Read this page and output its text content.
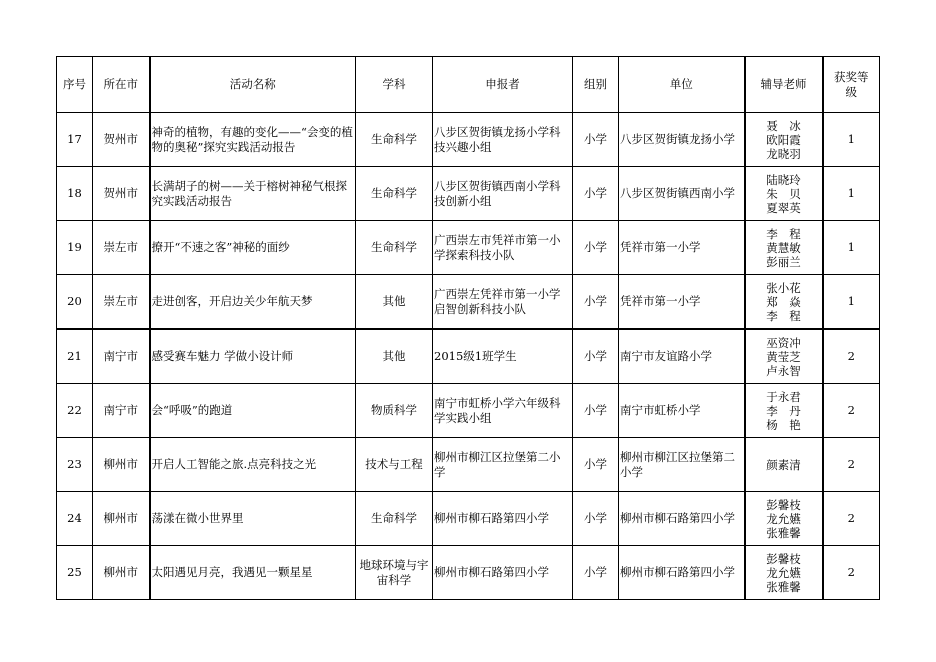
序号	所在市	活动名称	学科	申报者	组别	单位	辅导老师	获奖等级
17	贺州市	神奇的植物，有趣的变化——“会变的植物的奥秘”探究实践活动报告	生命科学	八步区贺街镇龙扬小学科技兴趣小组	小学	八步区贺街镇龙扬小学	聂　冰
欧阳霞
龙晓羽	1
18	贺州市	长满胡子的树——关于榕树神秘气根探究实践活动报告	生命科学	八步区贺街镇西南小学科技创新小组	小学	八步区贺街镇西南小学	陆晓玲
朱　贝
夏翠英	1
19	崇左市	撩开“不速之客”神秘的面纱	生命科学	广西崇左市凭祥市第一小学探索科技小队	小学	凭祥市第一小学	李　程
黄慧敏
彭丽兰	1
20	崇左市	走进创客，开启边关少年航天梦	其他	广西崇左凭祥市第一小学启智创新科技小队	小学	凭祥市第一小学	张小花
郑　焱
李　程	1
21	南宁市	感受赛车魅力 学做小设计师	其他	2015级1班学生	小学	南宁市友谊路小学	巫资冲
黄莹芝
卢永智	2
22	南宁市	会“呼吸”的跑道	物质科学	南宁市虹桥小学六年级科学实践小组	小学	南宁市虹桥小学	于永君
李　丹
杨　艳	2
23	柳州市	开启人工智能之旅.点亮科技之光	技术与工程	柳州市柳江区拉堡第二小学	小学	柳州市柳江区拉堡第二小学	颜素清	2
24	柳州市	荡漾在微小世界里	生命科学	柳州市柳石路第四小学	小学	柳州市柳石路第四小学	彭馨枝
龙允嬿
张雅馨	2
25	柳州市	太阳遇见月亮，我遇见一颗星星	地球环境与宇宙科学	柳州市柳石路第四小学	小学	柳州市柳石路第四小学	彭馨枝
龙允嬿
张雅馨	2
